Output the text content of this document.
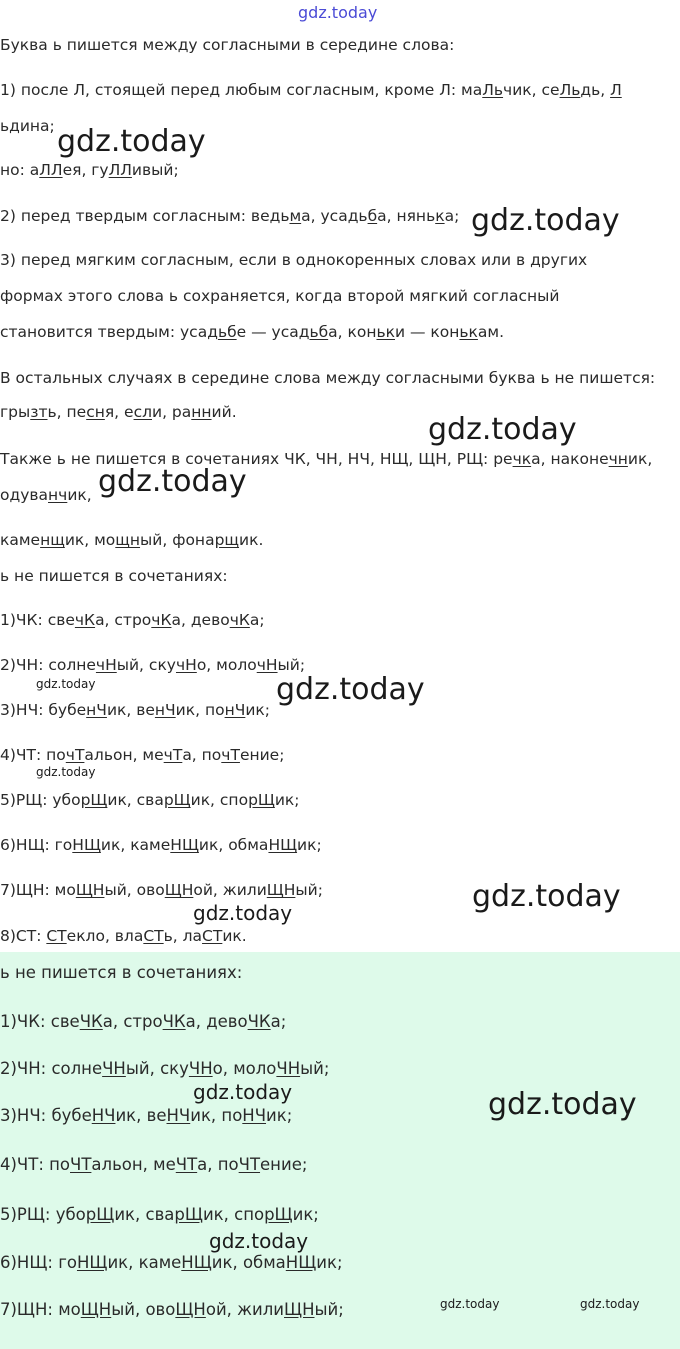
gdz.today
Буква ь пишется между согласными в середине слова:
1) после Л, стоящей перед любым согласным, кроме Л: маЛьчик, сеЛьдь, Л
ьдина;
но: аЛЛея, гуЛЛивый;
2) перед твердым согласным: ведьма, усадьба, нянька;
3) перед мягким согласным, если в однокоренных словах или в других
формах этого слова ь сохраняется, когда второй мягкий согласный
становится твердым: усадьбе — усадьба, коньки — конькам.
В остальных случаях в середине слова между согласными буква ь не пишется:
грызть, песня, если, ранний.
Также ь не пишется в сочетаниях ЧК, ЧН, НЧ, НЩ, ЩН, РЩ: речка, наконечник,
одуванчик,
каменщик, мощный, фонарщик.
ь не пишется в сочетаниях:
1)ЧК: свечКа, строчКа, девочКа;
2)ЧН: солнечНый, скучНо, молочНый;
3)НЧ: бубенЧик, венЧик, понЧик;
4)ЧТ: почТальон, мечТа, почТение;
5)РЩ: уборЩик, сварЩик, спорЩик;
6)НЩ: гоНЩик, камеНЩик, обмаНЩик;
7)ЩН: моЩНый, овоЩНой, жилиЩНый;
8)СТ: СТекло, влаСТь, лаСТик.
ь не пишется в сочетаниях:
1)ЧК: свеЧКа, строЧКа, девоЧКа;
2)ЧН: солнеЧНый, скуЧНо, молоЧНый;
3)НЧ: бубеНЧик, веНЧик, поНЧик;
4)ЧТ: поЧТальон, меЧТа, поЧТение;
5)РЩ: уборЩик, сварЩик, спорЩик;
6)НЩ: гоНЩик, камеНЩик, обмаНЩик;
7)ЩН: моЩНый, овоЩНой, жилиЩНый;
gdz.today
gdz.today
gdz.today
gdz.today
gdz.today
gdz.today
gdz.today
gdz.today
gdz.today
gdz.today
gdz.today
gdz.today
gdz.today	gdz.today
